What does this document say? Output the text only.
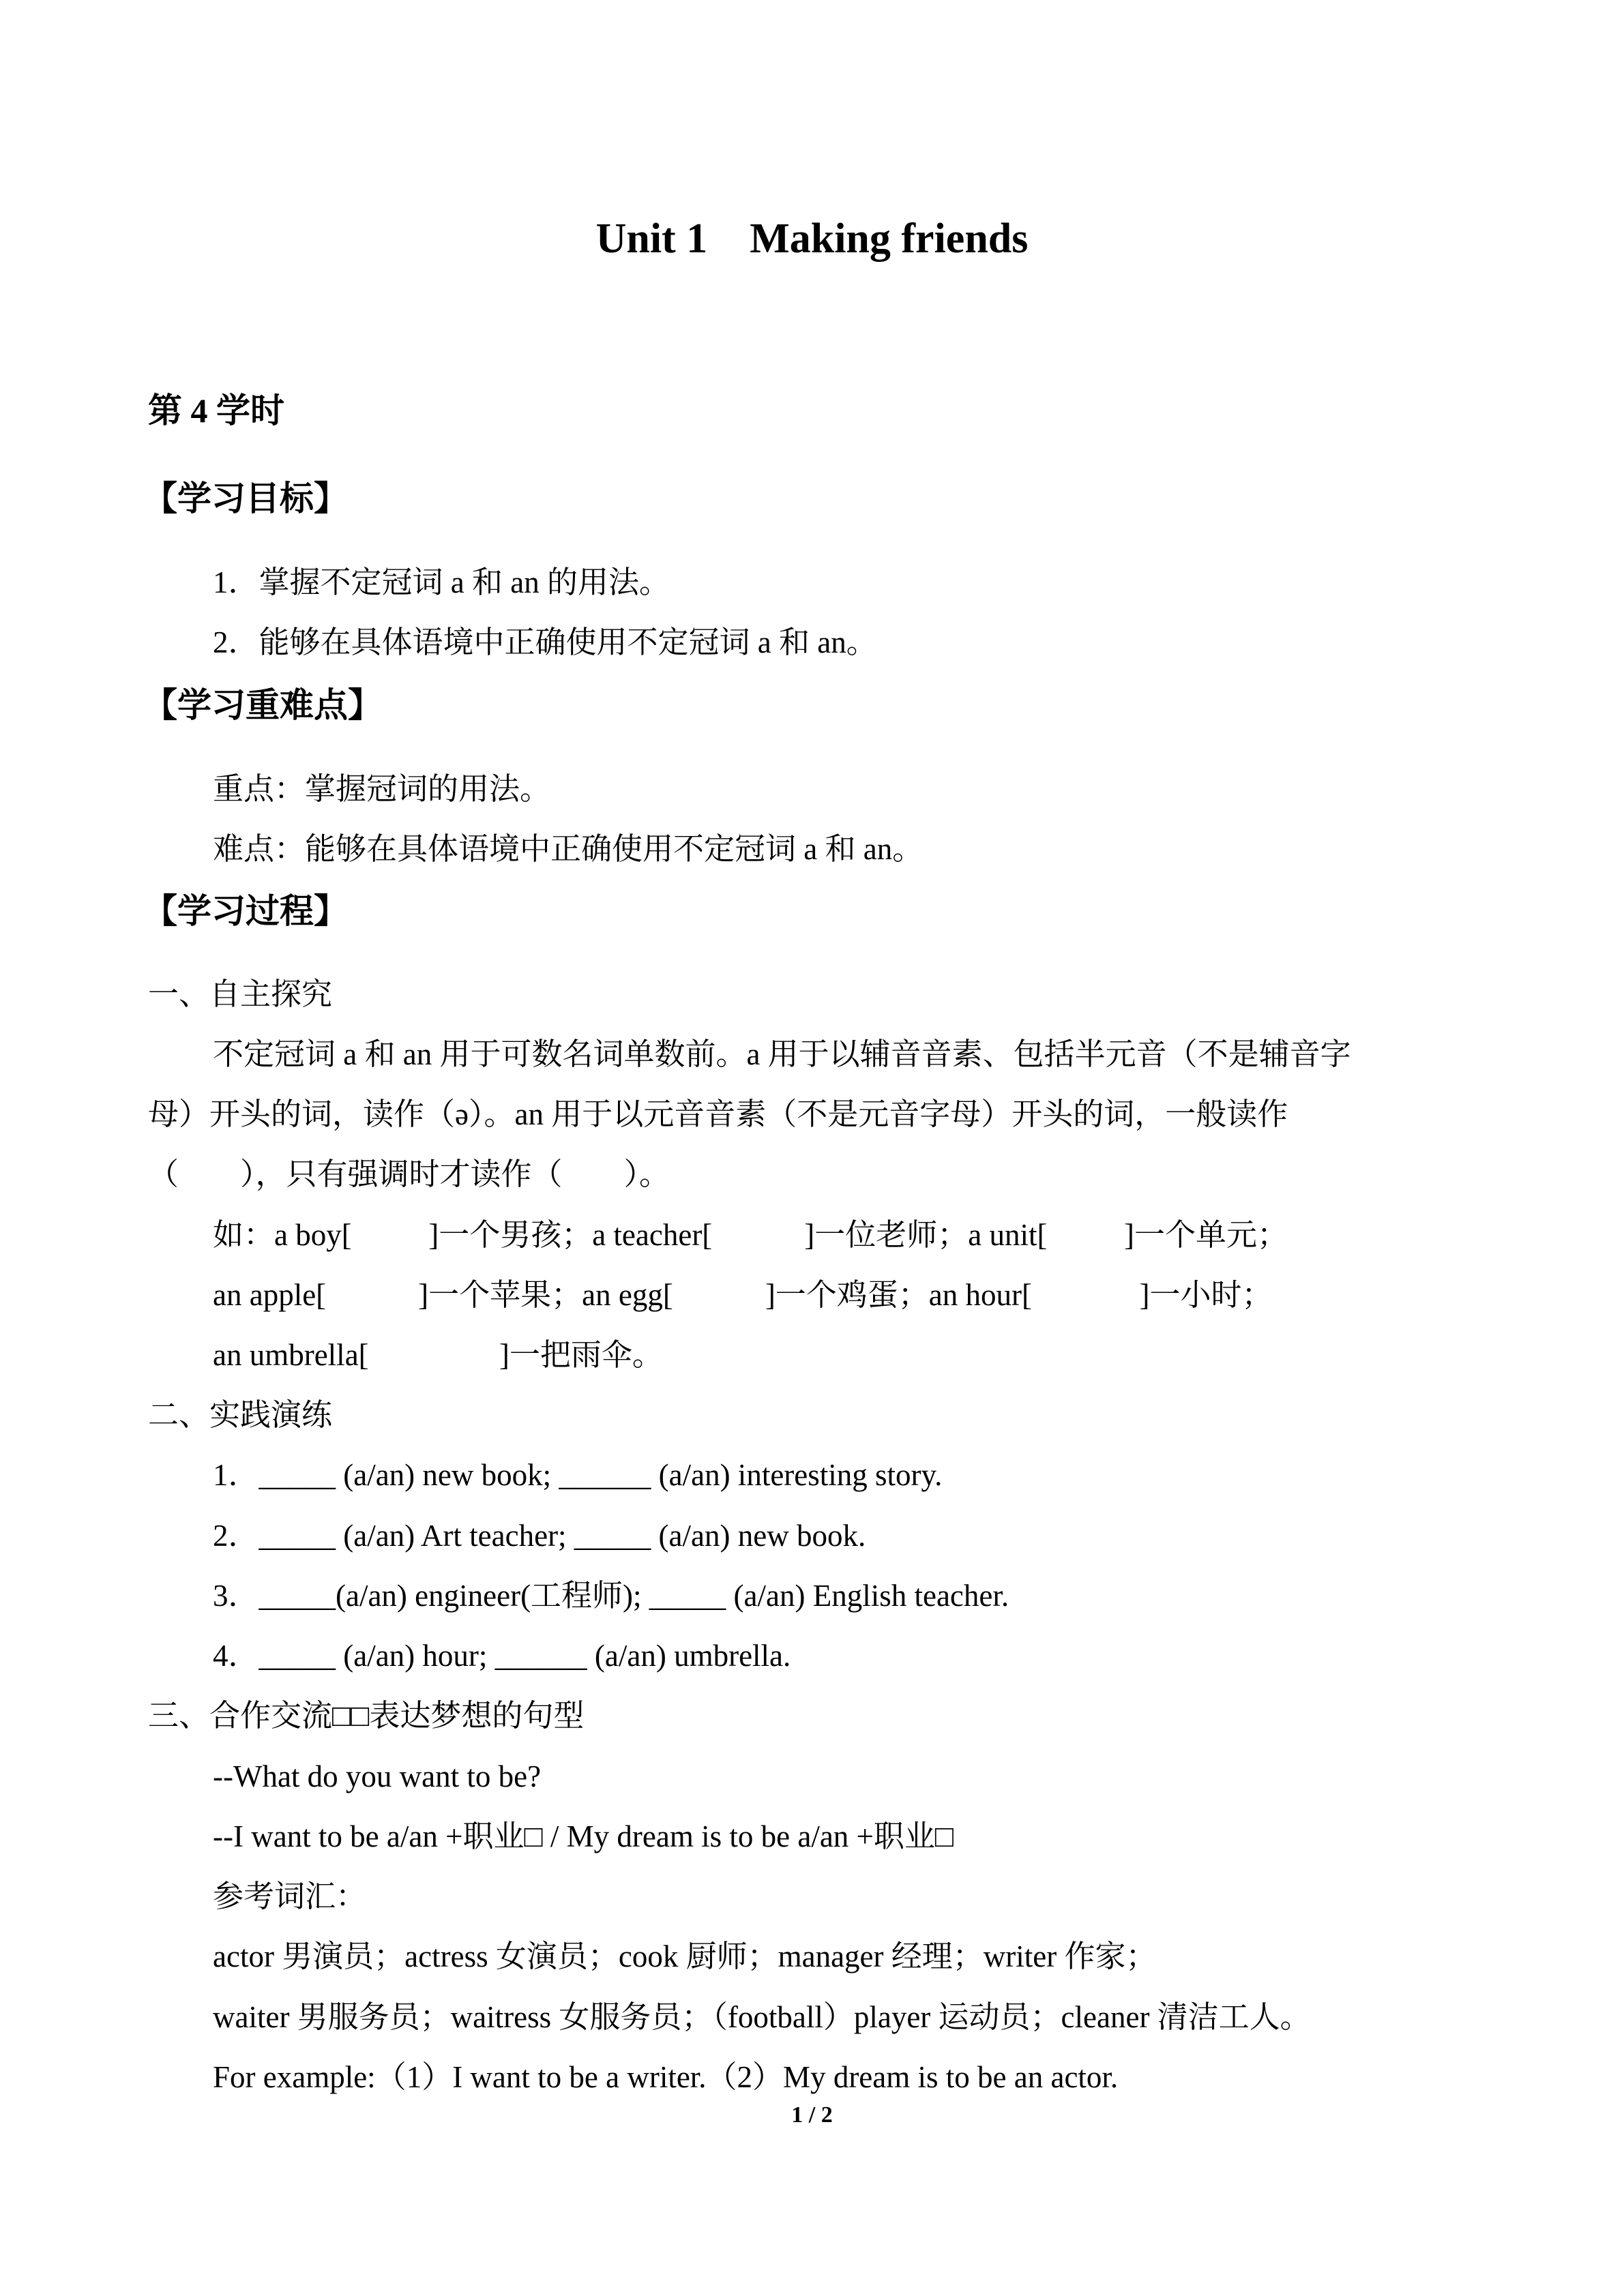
Unit 1    Making friends
第 4 学时
【学习目标】
1．掌握不定冠词 a 和 an 的用法。
2．能够在具体语境中正确使用不定冠词 a 和 an。
【学习重难点】
重点：掌握冠词的用法。
难点：能够在具体语境中正确使用不定冠词 a 和 an。
【学习过程】
一、自主探究
不定冠词 a 和 an 用于可数名词单数前。a 用于以辅音音素、包括半元音（不是辅音字
母）开头的词，读作（ə）。an 用于以元音音素（不是元音字母）开头的词，一般读作
（        ），只有强调时才读作（        ）。
如：a boy[          ]一个男孩；a teacher[            ]一位老师；a unit[          ]一个单元；
an apple[            ]一个苹果；an egg[            ]一个鸡蛋；an hour[              ]一小时；
an umbrella[                 ]一把雨伞。
二、实践演练
1．_____ (a/an) new book; ______ (a/an) interesting story.
2．_____ (a/an) Art teacher; _____ (a/an) new book.
3．_____(a/an) engineer(工程师); _____ (a/an) English teacher.
4．_____ (a/an) hour; ______ (a/an) umbrella.
三、合作交流□□表达梦想的句型
--What do you want to be?
--I want to be a/an +职业□ / My dream is to be a/an +职业□
参考词汇：
actor 男演员；actress 女演员；cook 厨师；manager 经理；writer 作家；
waiter 男服务员；waitress 女服务员；（football）player 运动员；cleaner 清洁工人。
For example:（1）I want to be a writer.（2）My dream is to be an actor.
1 / 2
